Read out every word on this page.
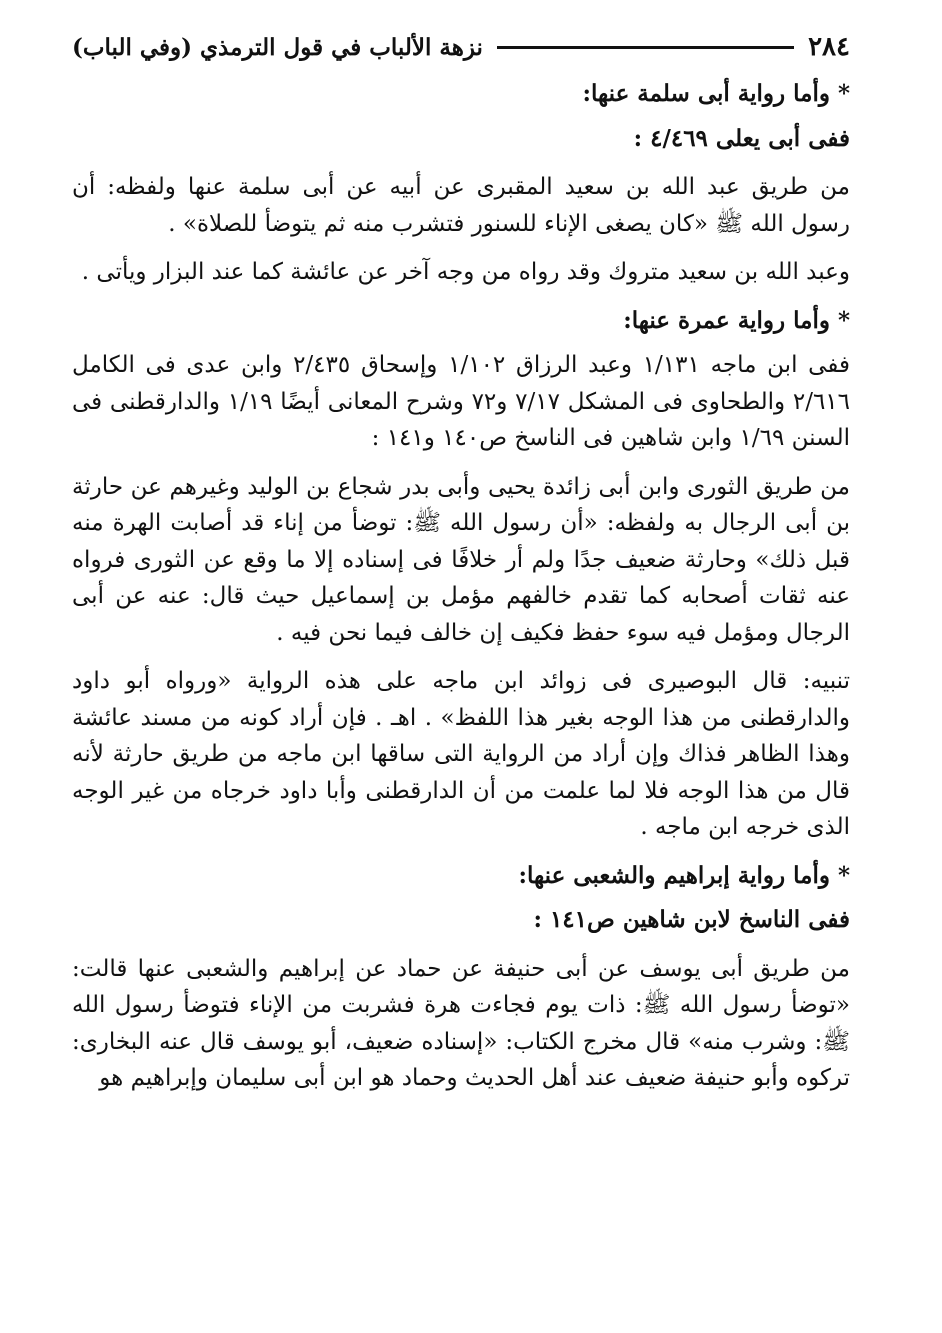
٢٨٤
نزهة الألباب في قول الترمذي (وفي الباب)

* وأما رواية أبى سلمة عنها:

ففى أبى يعلى ٤/٤٦٩ :

من طريق عبد الله بن سعيد المقبرى عن أبيه عن أبى سلمة عنها ولفظه: أن رسول الله ﷺ «كان يصغى الإناء للسنور فتشرب منه ثم يتوضأ للصلاة» .

وعبد الله بن سعيد متروك وقد رواه من وجه آخر عن عائشة كما عند البزار ويأتى .

* وأما رواية عمرة عنها:

ففى ابن ماجه ١/١٣١ وعبد الرزاق ١/١٠٢ وإسحاق ٢/٤٣٥ وابن عدى فى الكامل ٢/٦١٦ والطحاوى فى المشكل ٧/١٧ و٧٢ وشرح المعانى أيضًا ١/١٩ والدارقطنى فى السنن ١/٦٩ وابن شاهين فى الناسخ ص١٤٠ و١٤١ :

من طريق الثورى وابن أبى زائدة يحيى وأبى بدر شجاع بن الوليد وغيرهم عن حارثة بن أبى الرجال به ولفظه: «أن رسول الله ﷺ: توضأ من إناء قد أصابت الهرة منه قبل ذلك» وحارثة ضعيف جدًا ولم أر خلافًا فى إسناده إلا ما وقع عن الثورى فرواه عنه ثقات أصحابه كما تقدم خالفهم مؤمل بن إسماعيل حيث قال: عنه عن أبى الرجال ومؤمل فيه سوء حفظ فكيف إن خالف فيما نحن فيه .

تنبيه: قال البوصيرى فى زوائد ابن ماجه على هذه الرواية «ورواه أبو داود والدارقطنى من هذا الوجه بغير هذا اللفظ» . اهـ . فإن أراد كونه من مسند عائشة وهذا الظاهر فذاك وإن أراد من الرواية التى ساقها ابن ماجه من طريق حارثة لأنه قال من هذا الوجه فلا لما علمت من أن الدارقطنى وأبا داود خرجاه من غير الوجه الذى خرجه ابن ماجه .

* وأما رواية إبراهيم والشعبى عنها:

ففى الناسخ لابن شاهين ص١٤١ :

من طريق أبى يوسف عن أبى حنيفة عن حماد عن إبراهيم والشعبى عنها قالت: «توضأ رسول الله ﷺ: ذات يوم فجاءت هرة فشربت من الإناء فتوضأ رسول الله ﷺ: وشرب منه» قال مخرج الكتاب: «إسناده ضعيف، أبو يوسف قال عنه البخارى: تركوه وأبو حنيفة ضعيف عند أهل الحديث وحماد هو ابن أبى سليمان وإبراهيم هو
